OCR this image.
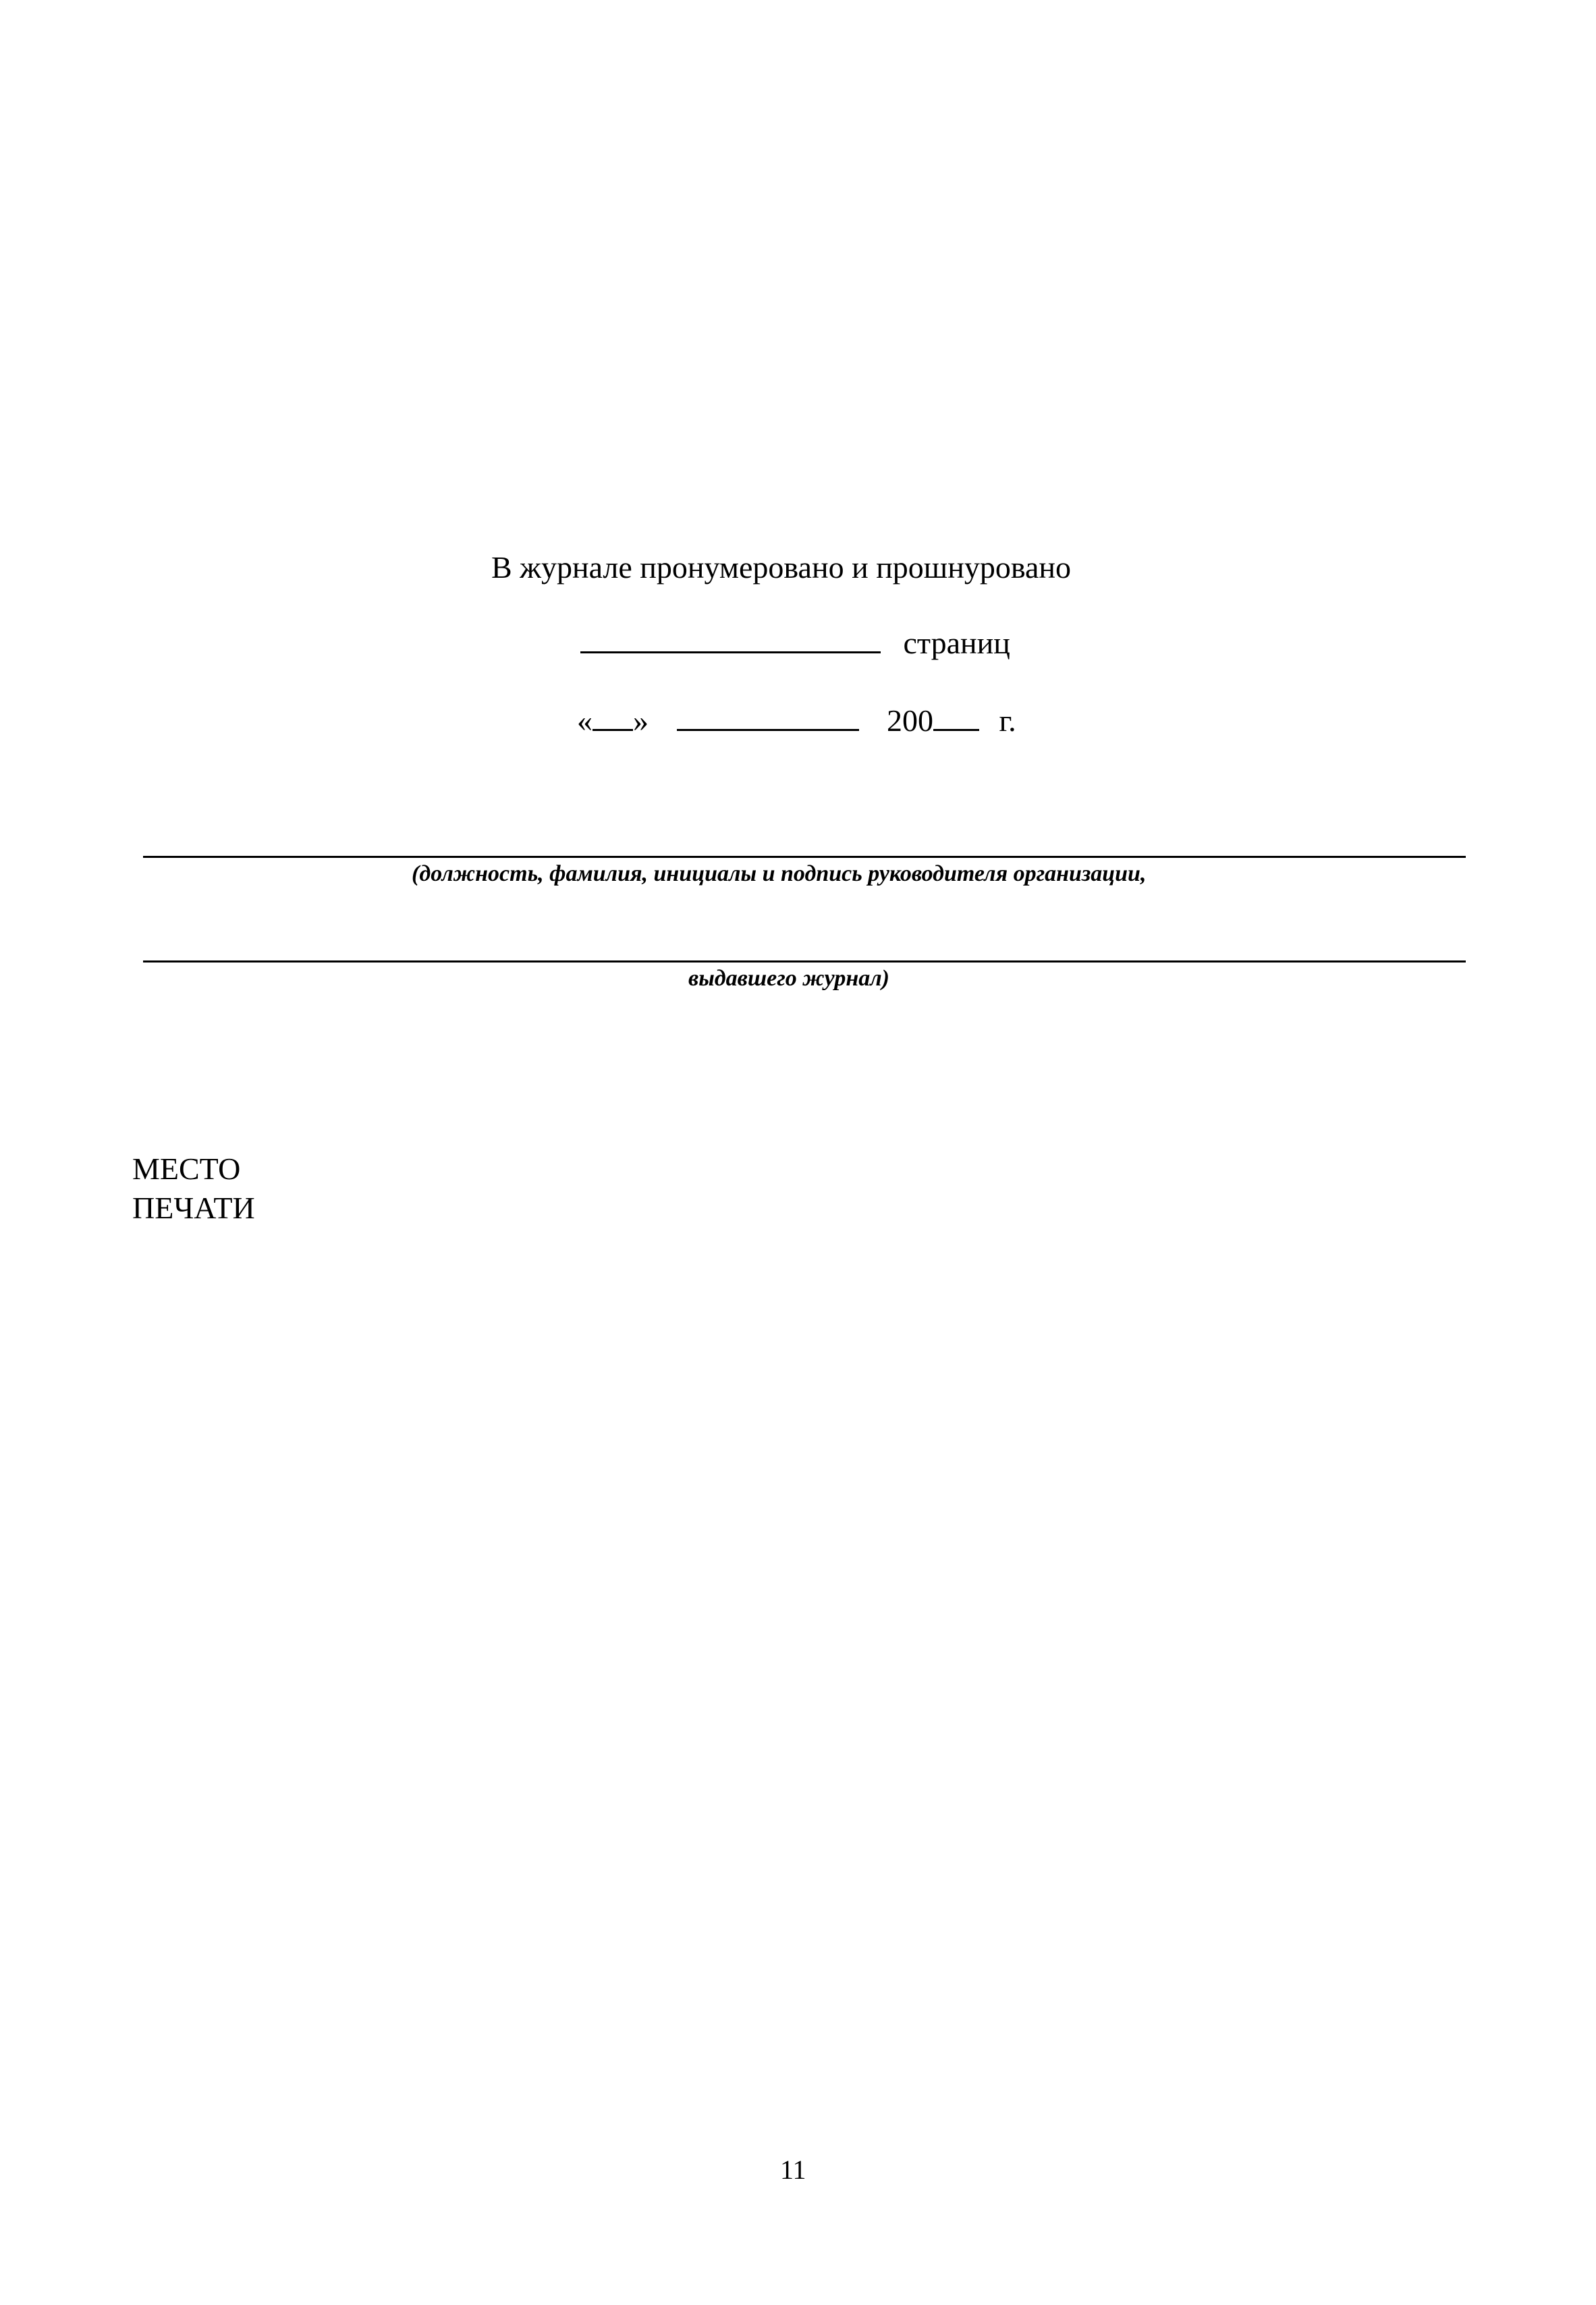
В журнале пронумеровано и прошнуровано
страниц
« »	200 г.
(должность, фамилия, инициалы и подпись руководителя организации,
выдавшего журнал)
МЕСТО
ПЕЧАТИ
11
